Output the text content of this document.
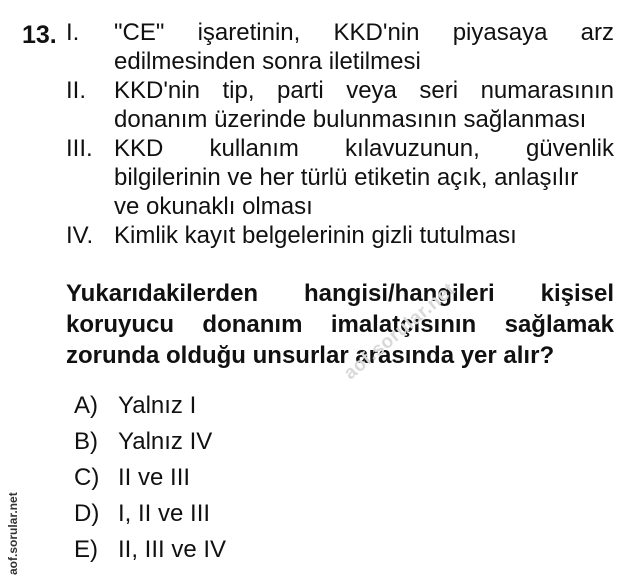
13. I.	"CE" işaretinin, KKD'nin piyasaya arz
edilmesinden sonra iletilmesi
II.	KKD'nin tip, parti veya seri numarasının
donanım üzerinde bulunmasının sağlanması
III. KKD kullanım kılavuzunun, güvenlik
bilgilerinin ve her türlü etiketin açık, anlaşılır
ve okunaklı olması
IV. Kimlik kayıt belgelerinin gizli tutulması
Yukarıdakilerden hangisi/hangileri kişisel
koruyucu donanım imalatçısının sağlamak
zorunda olduğu unsurlar arasında yer alır?
A) Yalnız I
B) Yalnız IV
C) II ve III
D) I, II ve III
E) II, III ve IV
aof.sorular.net
aof.sorular.net
